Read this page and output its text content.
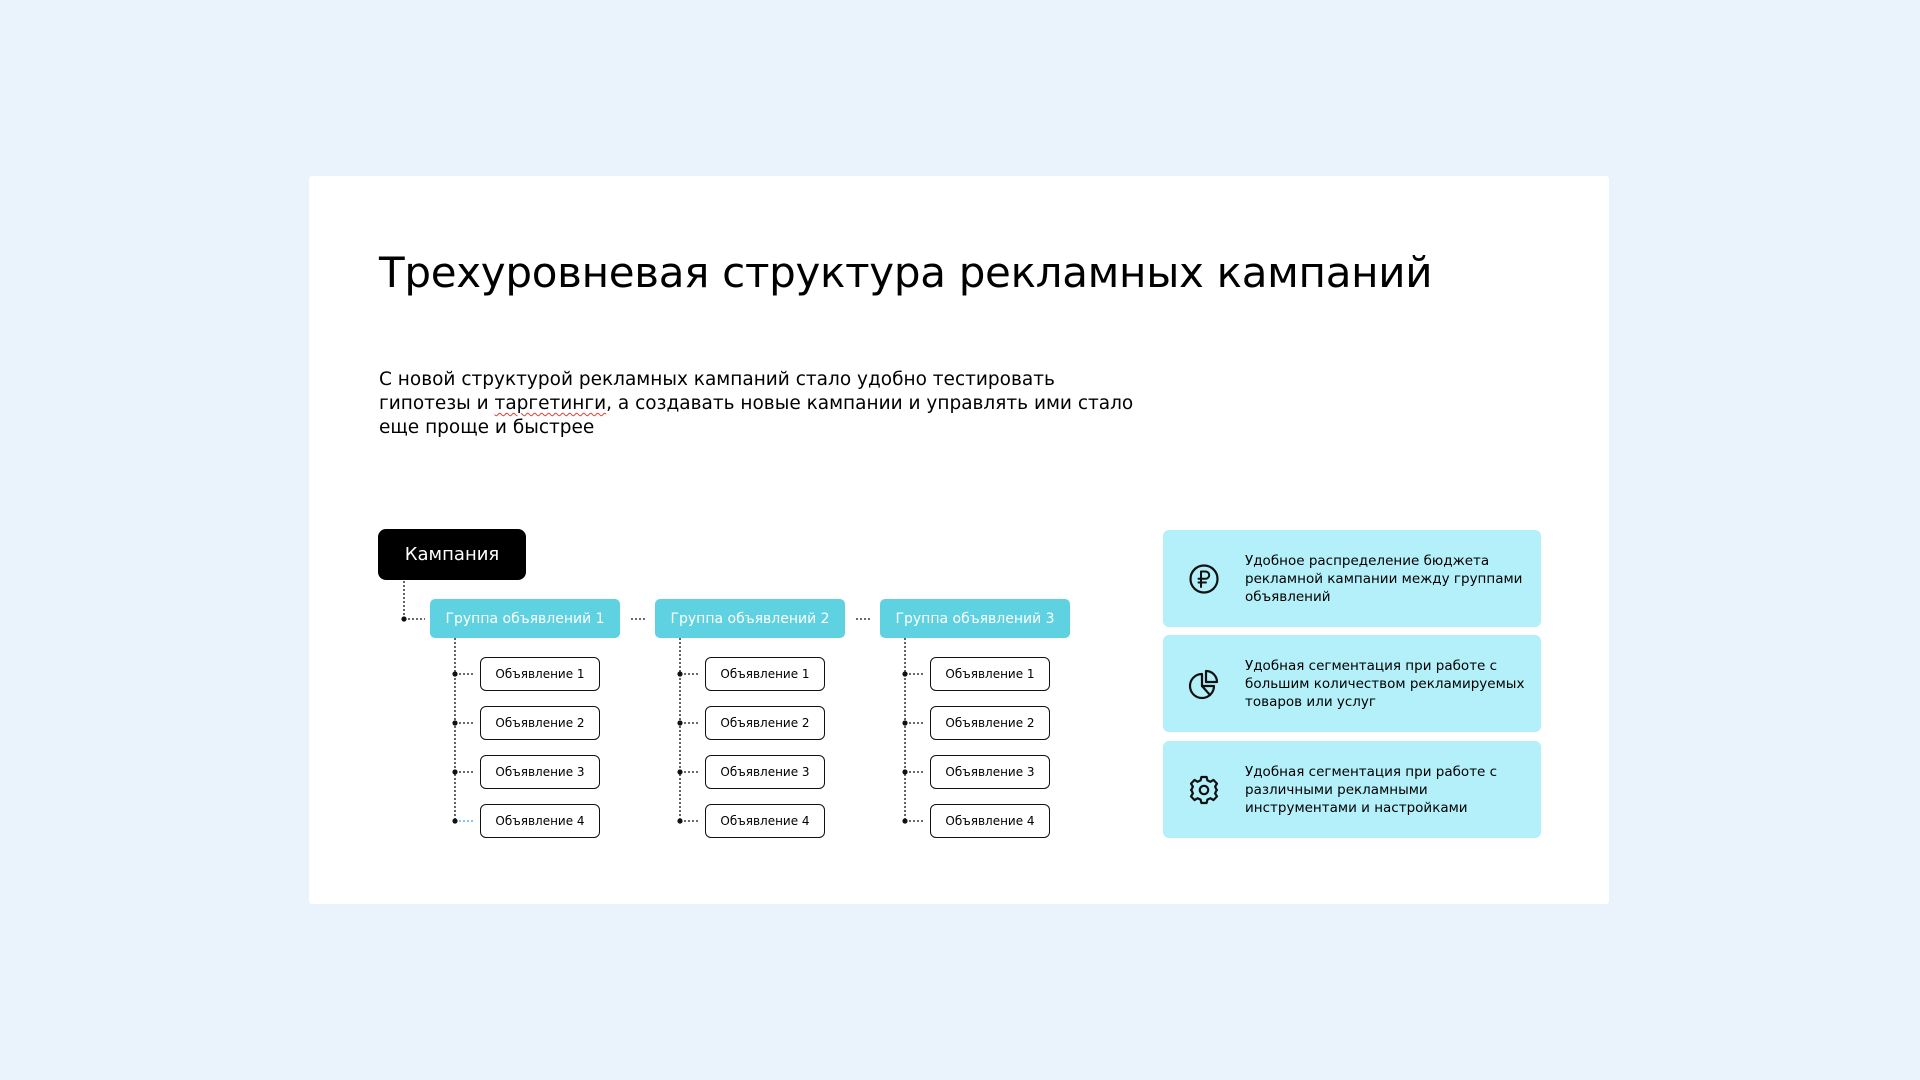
Трехуровневая структура рекламных кампаний

С новой структурой рекламных кампаний стало удобно тестировать гипотезы и таргетинги, а создавать новые кампании и управлять ими стало еще проще и быстрее

Кампания
Группа объявлений 1	Группа объявлений 2	Группа объявлений 3
Объявление 1
Объявление 2
Объявление 3
Объявление 4
Объявление 1
Объявление 2
Объявление 3
Объявление 4
Объявление 1
Объявление 2
Объявление 3
Объявление 4
Удобное распределение бюджета рекламной кампании между группами объявлений
Удобная сегментация при работе с большим количеством рекламируемых товаров или услуг
Удобная сегментация при работе с различными рекламными инструментами и настройками
